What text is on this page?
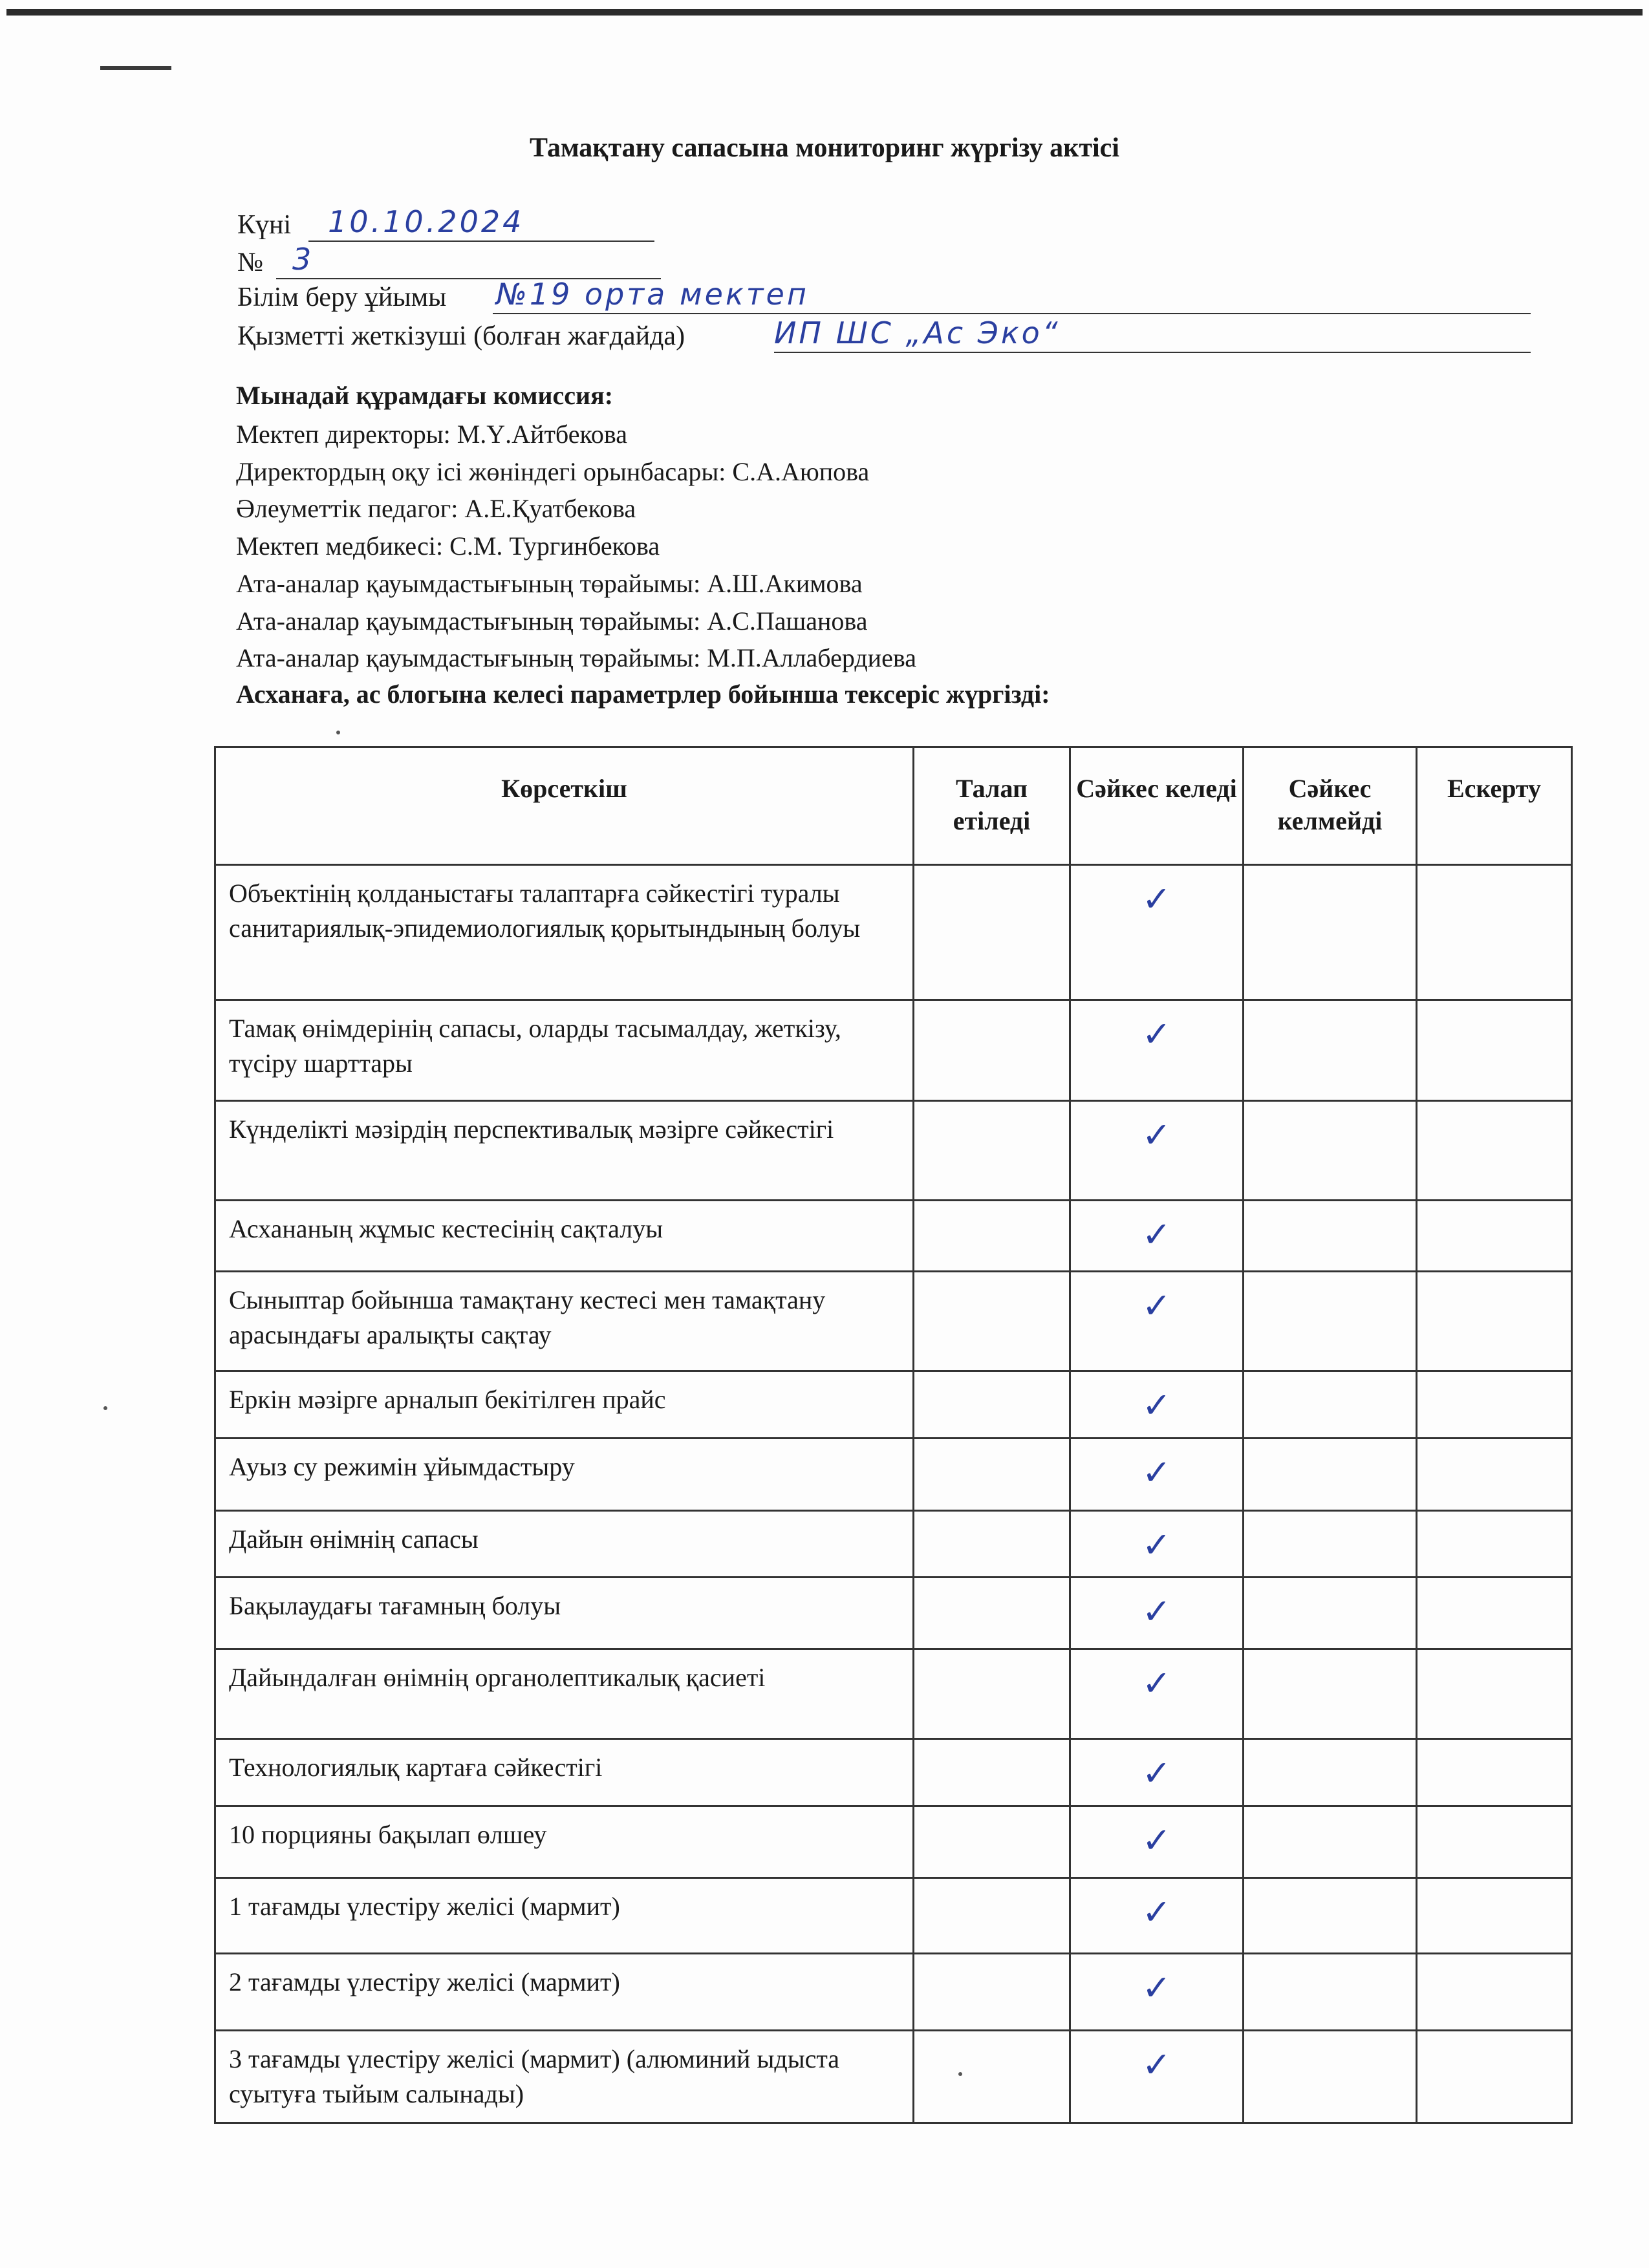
Тамақтану сапасына мониторинг жүргізу актісі
Күні 10.10.2024
№ 3
Білім беру ұйымы №19 орта мектеп
Қызметті жеткізуші (болған жағдайда)	ИП ШС „Ас Эко“
Мынадай құрамдағы комиссия:
Мектеп директоры: М.Ү.Айтбекова
Директордың оқу ісі жөніндегі орынбасары: С.А.Аюпова
Әлеуметтік педагог: А.Е.Қуатбекова
Мектеп медбикесі: С.М. Тургинбекова
Ата-аналар қауымдастығының төрайымы: А.Ш.Акимова
Ата-аналар қауымдастығының төрайымы: А.С.Пашанова
Ата-аналар қауымдастығының төрайымы: М.П.Аллабердиева
Асханаға, ас блогына келесі параметрлер бойынша тексеріс жүргізді:
Көрсеткіш	Талап етіледі	Сәйкес келеді	Сәйкес келмейді	Ескерту
Объектінің қолданыстағы талаптарға сәйкестігі туралы санитариялық-эпидемиологиялық қорытындының болуы		✓		
Тамақ өнімдерінің сапасы, оларды тасымалдау, жеткізу, түсіру шарттары		✓		
Күнделікті мәзірдің перспективалық мәзірге сәйкестігі		✓		
Асхананың жұмыс кестесінің сақталуы		✓		
Сыныптар бойынша тамақтану кестесі мен тамақтану арасындағы аралықты сақтау		✓		
Еркін мәзірге арналып бекітілген прайс		✓		
Ауыз су режимін ұйымдастыру		✓		
Дайын өнімнің сапасы		✓		
Бақылаудағы тағамның болуы		✓		
Дайындалған өнімнің органолептикалық қасиеті		✓		
Технологиялық картаға сәйкестігі		✓		
10 порцияны бақылап өлшеу		✓		
1 тағамды үлестіру желісі (мармит)		✓		
2 тағамды үлестіру желісі (мармит)		✓		
3 тағамды үлестіру желісі (мармит) (алюминий ыдыста суытуға тыйым салынады)		✓		
